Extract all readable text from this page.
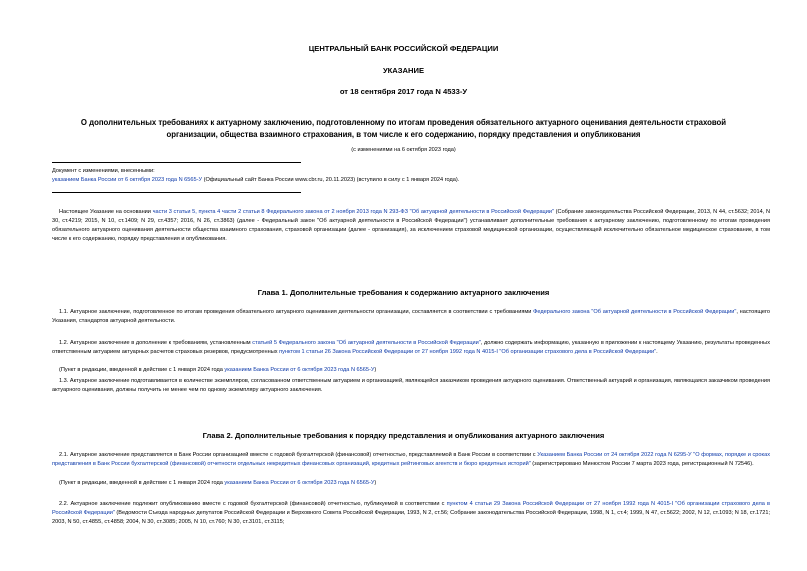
ЦЕНТРАЛЬНЫЙ БАНК РОССИЙСКОЙ ФЕДЕРАЦИИ
УКАЗАНИЕ
от 18 сентября 2017 года N 4533-У
О дополнительных требованиях к актуарному заключению, подготовленному по итогам проведения обязательного актуарного оценивания деятельности страховой организации, общества взаимного страхования, в том числе к его содержанию, порядку представления и опубликования
(с изменениями на 6 октября 2023 года)
Документ с изменениями, внесенными:
указанием Банка России от 6 октября 2023 года N 6565-У (Официальный сайт Банка России www.cbr.ru, 20.11.2023) (вступило в силу с 1 января 2024 года).
Настоящее Указание на основании части 3 статьи 5, пункта 4 части 2 статьи 8 Федерального закона от 2 ноября 2013 года N 293-ФЗ "Об актуарной деятельности в Российской Федерации" (Собрание законодательства Российской Федерации, 2013, N 44, ст.5632; 2014, N 30, ст.4219; 2015, N 10, ст.1409; N 29, ст.4357; 2016, N 26, ст.3863) (далее - Федеральный закон "Об актуарной деятельности в Российской Федерации") устанавливает дополнительные требования к актуарному заключению, подготовленному по итогам проведения обязательного актуарного оценивания деятельности общества взаимного страхования, страховой организации (далее - организация), за исключением страховой медицинской организации, осуществляющей исключительно обязательное медицинское страхование, в том числе к его содержанию, порядку представления и опубликования.
Глава 1. Дополнительные требования к содержанию актуарного заключения
1.1. Актуарное заключение, подготовленное по итогам проведения обязательного актуарного оценивания деятельности организации, составляется в соответствии с требованиями Федерального закона "Об актуарной деятельности в Российской Федерации", настоящего Указания, стандартов актуарной деятельности.
1.2. Актуарное заключение в дополнение к требованиям, установленным статьей 5 Федерального закона "Об актуарной деятельности в Российской Федерации", должно содержать информацию, указанную в приложении к настоящему Указанию, результаты проведенных ответственным актуарием актуарных расчетов страховых резервов, предусмотренных пунктом 1 статьи 26 Закона Российской Федерации от 27 ноября 1992 года N 4015-I "Об организации страхового дела в Российской Федерации".
(Пункт в редакции, введенной в действие с 1 января 2024 года указанием Банка России от 6 октября 2023 года N 6565-У)
1.3. Актуарное заключение подготавливается в количестве экземпляров, согласованном ответственным актуарием и организацией, являющейся заказчиком проведения актуарного оценивания. Ответственный актуарий и организация, являющаяся заказчиком проведения актуарного оценивания, должны получить не менее чем по одному экземпляру актуарного заключения.
Глава 2. Дополнительные требования к порядку представления и опубликования актуарного заключения
2.1. Актуарное заключение представляется в Банк России организацией вместе с годовой бухгалтерской (финансовой) отчетностью, представляемой в Банк России в соответствии с Указанием Банка России от 24 октября 2022 года N 6295-У "О формах, порядке и сроках представления в Банк России бухгалтерской (финансовой) отчетности отдельных некредитных финансовых организаций, кредитных рейтинговых агентств и бюро кредитных историй" (зарегистрировано Минюстом России 7 марта 2023 года, регистрационный N 72546).
(Пункт в редакции, введенной в действие с 1 января 2024 года указанием Банка России от 6 октября 2023 года N 6565-У)
2.2. Актуарное заключение подлежит опубликованию вместе с годовой бухгалтерской (финансовой) отчетностью, публикуемой в соответствии с пунктом 4 статьи 29 Закона Российской Федерации от 27 ноября 1992 года N 4015-I "Об организации страхового дела в Российской Федерации" (Ведомости Съезда народных депутатов Российской Федерации и Верховного Совета Российской Федерации, 1993, N 2, ст.56; Собрание законодательства Российской Федерации, 1998, N 1, ст.4; 1999, N 47, ст.5622; 2002, N 12, ст.1093; N 18, ст.1721; 2003, N 50, ст.4855, ст.4858; 2004, N 30, ст.3085; 2005, N 10, ст.760; N 30, ст.3101, ст.3115;
